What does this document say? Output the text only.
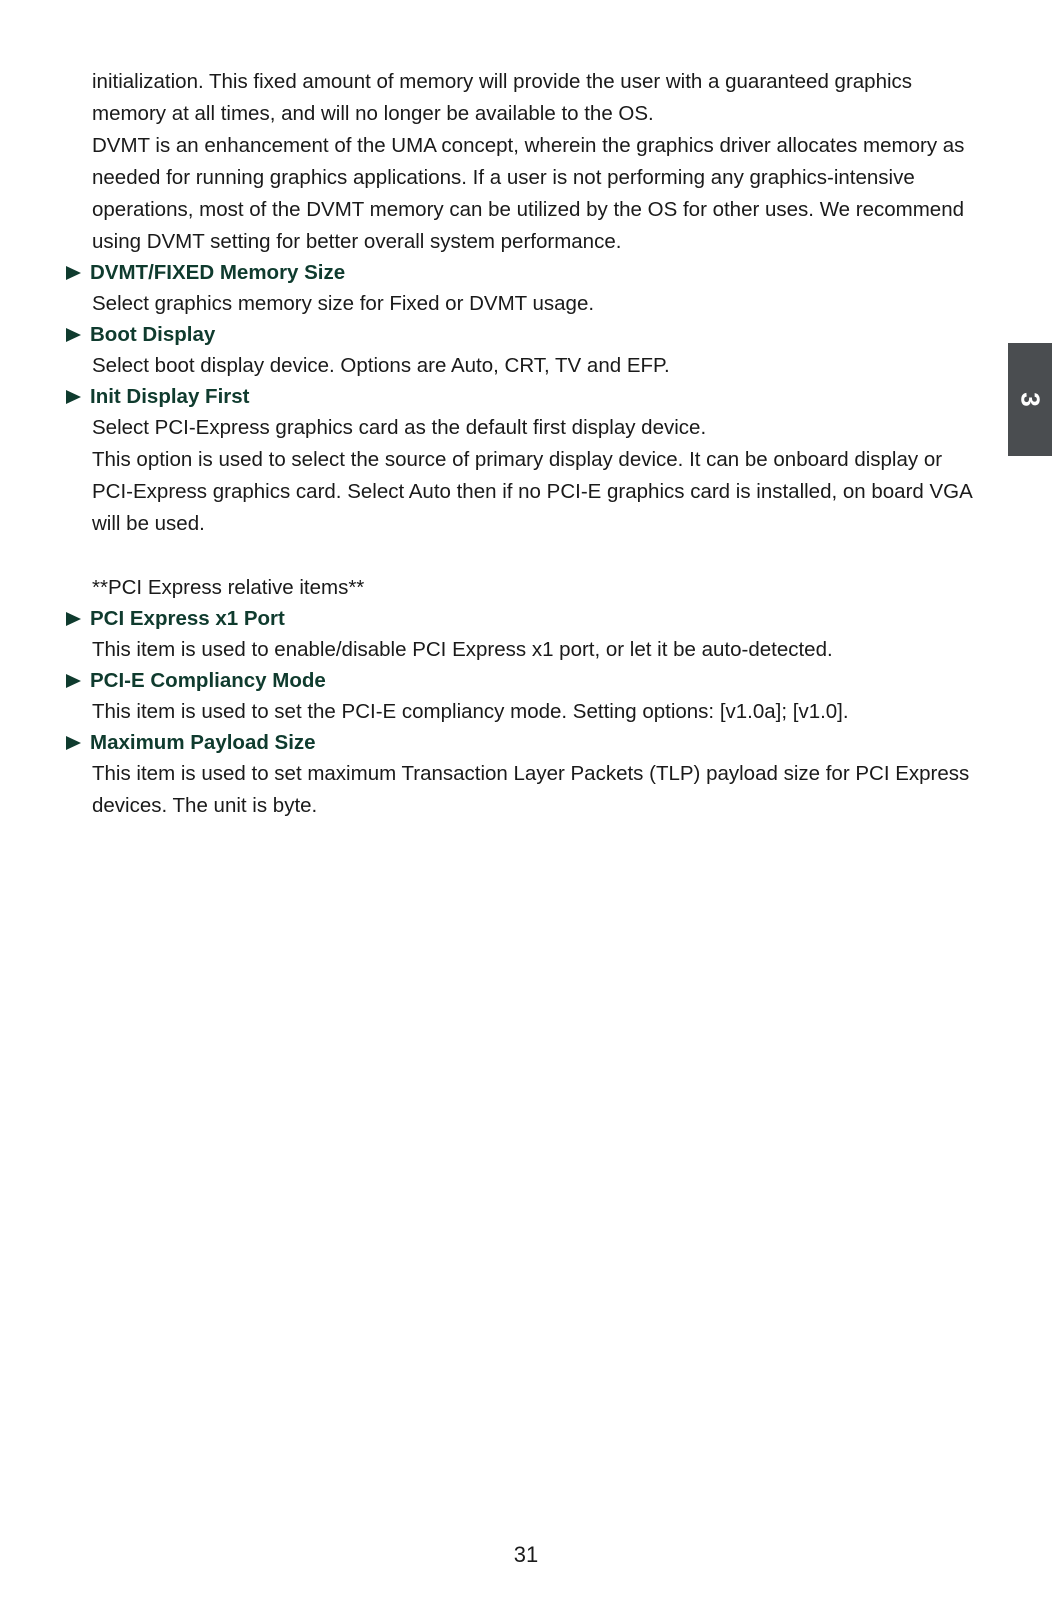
initialization. This fixed amount of memory will provide the user with a guaranteed graphics memory at all times, and will no longer be available to the OS.

DVMT is an enhancement of the UMA concept, wherein the graphics driver allocates memory as needed for running graphics applications. If a user is not performing any graphics-intensive operations, most of the DVMT memory can be utilized by the OS for other uses. We recommend using DVMT setting for better overall system performance.

DVMT/FIXED Memory Size

Select graphics memory size for Fixed or DVMT usage.

Boot Display

Select boot display device. Options are Auto, CRT, TV and EFP.

Init Display First

Select PCI-Express graphics card as the default first display device.

This option is used to select the source of primary display device. It can be onboard display or PCI-Express graphics card. Select Auto then if no PCI-E graphics card is installed, on board VGA will be used.

**PCI Express relative items**

PCI Express x1 Port

This item is used to enable/disable PCI Express x1 port, or let it be auto-detected.

PCI-E Compliancy Mode

This item is used to set the PCI-E compliancy mode. Setting options: [v1.0a]; [v1.0].

Maximum Payload Size

This item is used to set maximum Transaction Layer Packets (TLP) payload size for PCI Express devices. The unit is byte.

3
31
